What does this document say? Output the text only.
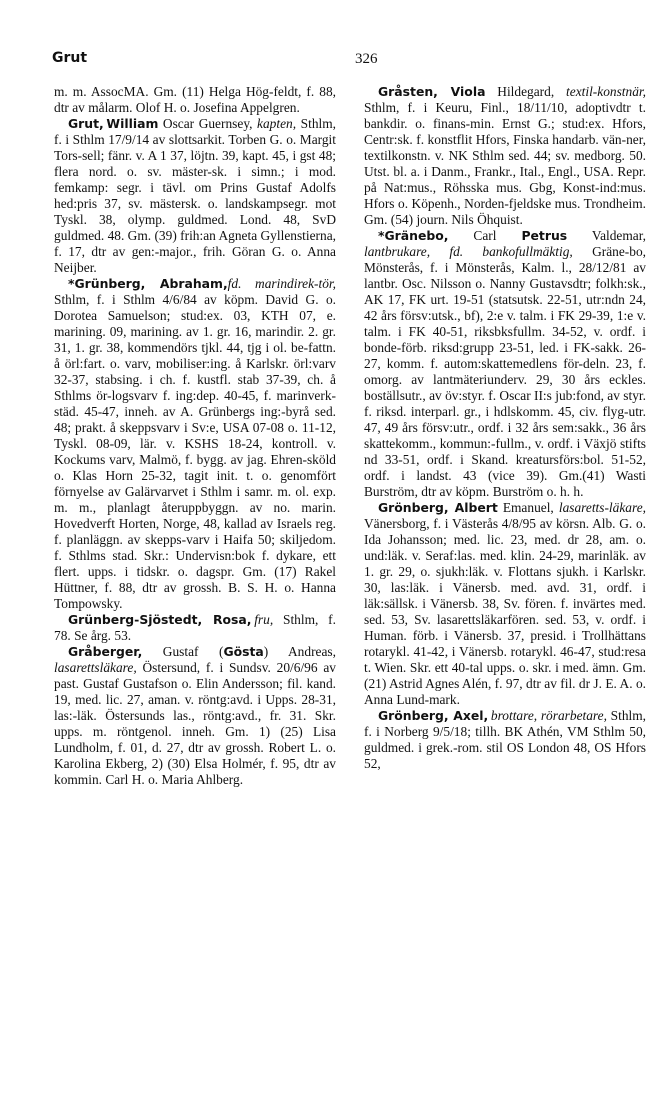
Grut	326

m. m. AssocMA. Gm. (11) Helga Hög-feldt, f. 88, dtr av målarm. Olof H. o. Josefina Appelgren.

Grut,  William Oscar Guernsey, kapten, Sthlm, f. i Sthlm 17/9/14 av slottsarkit. Torben G. o. Margit Tors-sell; fänr. v. A 1 37, löjtn. 39, kapt. 45, i gst 48; flera nord. o. sv. mäster-sk. i simn.; i mod. femkamp: segr. i tävl. om Prins Gustaf Adolfs hed:pris 37, sv. mästersk. o. landskampsegr. mot Tyskl. 38, olymp. guldmed. Lond. 48, SvD guldmed. 48. Gm. (39) frih:an Agneta Gyllenstierna, f. 17, dtr av gen:-major., frih. Göran G. o. Anna Neijber.

*Grünberg, Abraham,fd. marindirek-tör, Sthlm, f. i Sthlm 4/6/84 av köpm. David G. o. Dorotea Samuelson; stud:ex. 03, KTH 07, e. marining. 09, marining. av 1. gr. 16, marindir. 2. gr. 31, 1. gr. 38, kommendörs tjkl. 44, tjg i ol. be-fattn. å örl:fart. o. varv, mobiliser:ing. å Karlskr. örl:varv 32-37, stabsing. i ch. f. kustfl. stab 37-39, ch. å Sthlms ör-logsvarv f. ing:dep. 40-45, f. marinverk-städ. 45-47, inneh. av A. Grünbergs ing:-byrå sed. 48; prakt. å skeppsvarv i Sv:e, USA 07-08 o. 11-12, Tyskl. 08-09, lär. v. KSHS 18-24, kontroll. v. Kockums varv, Malmö, f. bygg. av jag. Ehren-sköld o. Klas Horn 25-32, tagit init. t. o. genomfört förnyelse av Galärvarvet i Sthlm i samr. m. ol. exp. m. m., planlagt återuppbyggn. av no. marin. Hovedverft Horten, Norge, 48, kallad av Israels reg. f. planläggn. av skepps-varv i Haifa 50; skiljedom. f. Sthlms stad. Skr.: Undervisn:bok f. dykare, ett flert. upps. i tidskr. o. dagspr. Gm. (17) Rakel Hüttner, f. 88, dtr av grossh. B. S. H. o. Hanna Tompowsky.

Grünberg-Sjöstedt, Rosa,  fru, Sthlm, f. 78. Se årg. 53.

Gråberger, Gustaf (Gösta) Andreas, lasarettsläkare, Östersund, f. i Sundsv. 20/6/96 av past. Gustaf Gustafson o. Elin Andersson; fil. kand. 19, med. lic. 27, aman. v. röntg:avd. i Upps. 28-31, las:-läk. Östersunds las., röntg:avd., fr. 31. Skr. upps. m. röntgenol. inneh. Gm. 1) (25) Lisa Lundholm, f. 01, d. 27, dtr av grossh. Robert L. o. Karolina Ekberg, 2) (30) Elsa Holmér, f. 95, dtr av kommin. Carl H. o. Maria Ahlberg.

Gråsten, Viola Hildegard, textil-konstnär, Sthlm, f. i Keuru, Finl., 18/11/10, adoptivdtr t. bankdir. o. finans-min. Ernst G.; stud:ex. Hfors, Centr:sk. f. konstflit Hfors, Finska handarb. vän-ner, textilkonstn. v. NK Sthlm sed. 44; sv. medborg. 50. Utst. bl. a. i Danm., Frankr., Ital., Engl., USA. Repr. på Nat:mus., Röhsska mus. Gbg, Konst-ind:mus. Hfors o. Köpenh., Norden-fjeldske mus. Trondheim. Gm. (54) journ. Nils Öhquist.

*Gränebo, Carl Petrus Valdemar, lantbrukare, fd. bankofullmäktig, Gräne-bo, Mönsterås, f. i Mönsterås, Kalm. l., 28/12/81 av lantbr. Osc. Nilsson o. Nanny Gustavsdtr; folkh:sk., AK 17, FK urt. 19-51 (statsutsk. 22-51, utr:ndn 24, 42 års försv:utsk., bf), 2:e v. talm. i FK 29-39, 1:e v. talm. i FK 40-51, riksbksfullm. 34-52, v. ordf. i bonde-förb. riksd:grupp 23-51, led. i FK-sakk. 26-27, komm. f. autom:skattemedlens för-deln. 23, f. omorg. av lantmäteriunderv. 29, 30 års eckles. boställsutr., av öv:styr. f. Oscar II:s jub:fond, av styr. f. riksd. interparl. gr., i hdlskomm. 45, civ. flyg-utr. 47, 49 års försv:utr., ordf. i 32 års sem:sakk., 36 års skattekomm., kommun:-fullm., v. ordf. i Växjö stifts nd 33-51, ordf. i Skand. kreatursförs:bol. 51-52, ordf. i landst. 43 (vice 39). Gm.(41) Wasti Burström, dtr av köpm. Burström o. h. h.

Grönberg, Albert Emanuel, lasaretts-läkare, Vänersborg, f. i Västerås 4/8/95 av körsn. Alb. G. o. Ida Johansson; med. lic. 23, med. dr 28, am. o. und:läk. v. Seraf:las. med. klin. 24-29, marinläk. av 1. gr. 29, o. sjukh:läk. v. Flottans sjukh. i Karlskr. 30, las:läk. i Vänersb. med. avd. 31, ordf. i läk:sällsk. i Vänersb. 38, Sv. fören. f. invärtes med. sed. 53, Sv. lasarettsläkarfören. sed. 53, v. ordf. i Human. förb. i Vänersb. 37, presid. i Trollhättans rotarykl. 41-42, i Vänersb. rotarykl. 46-47, stud:resa t. Wien. Skr. ett 40-tal upps. o. skr. i med. ämn. Gm. (21) Astrid Agnes Alén, f. 97, dtr av fil. dr J. E. A. o. Anna Lund-mark.

Grönberg, Axel,  brottare, rörarbetare, Sthlm, f. i Norberg 9/5/18; tillh. BK Athén, VM Sthlm 50, guldmed. i grek.-rom. stil OS London 48, OS Hfors 52,
